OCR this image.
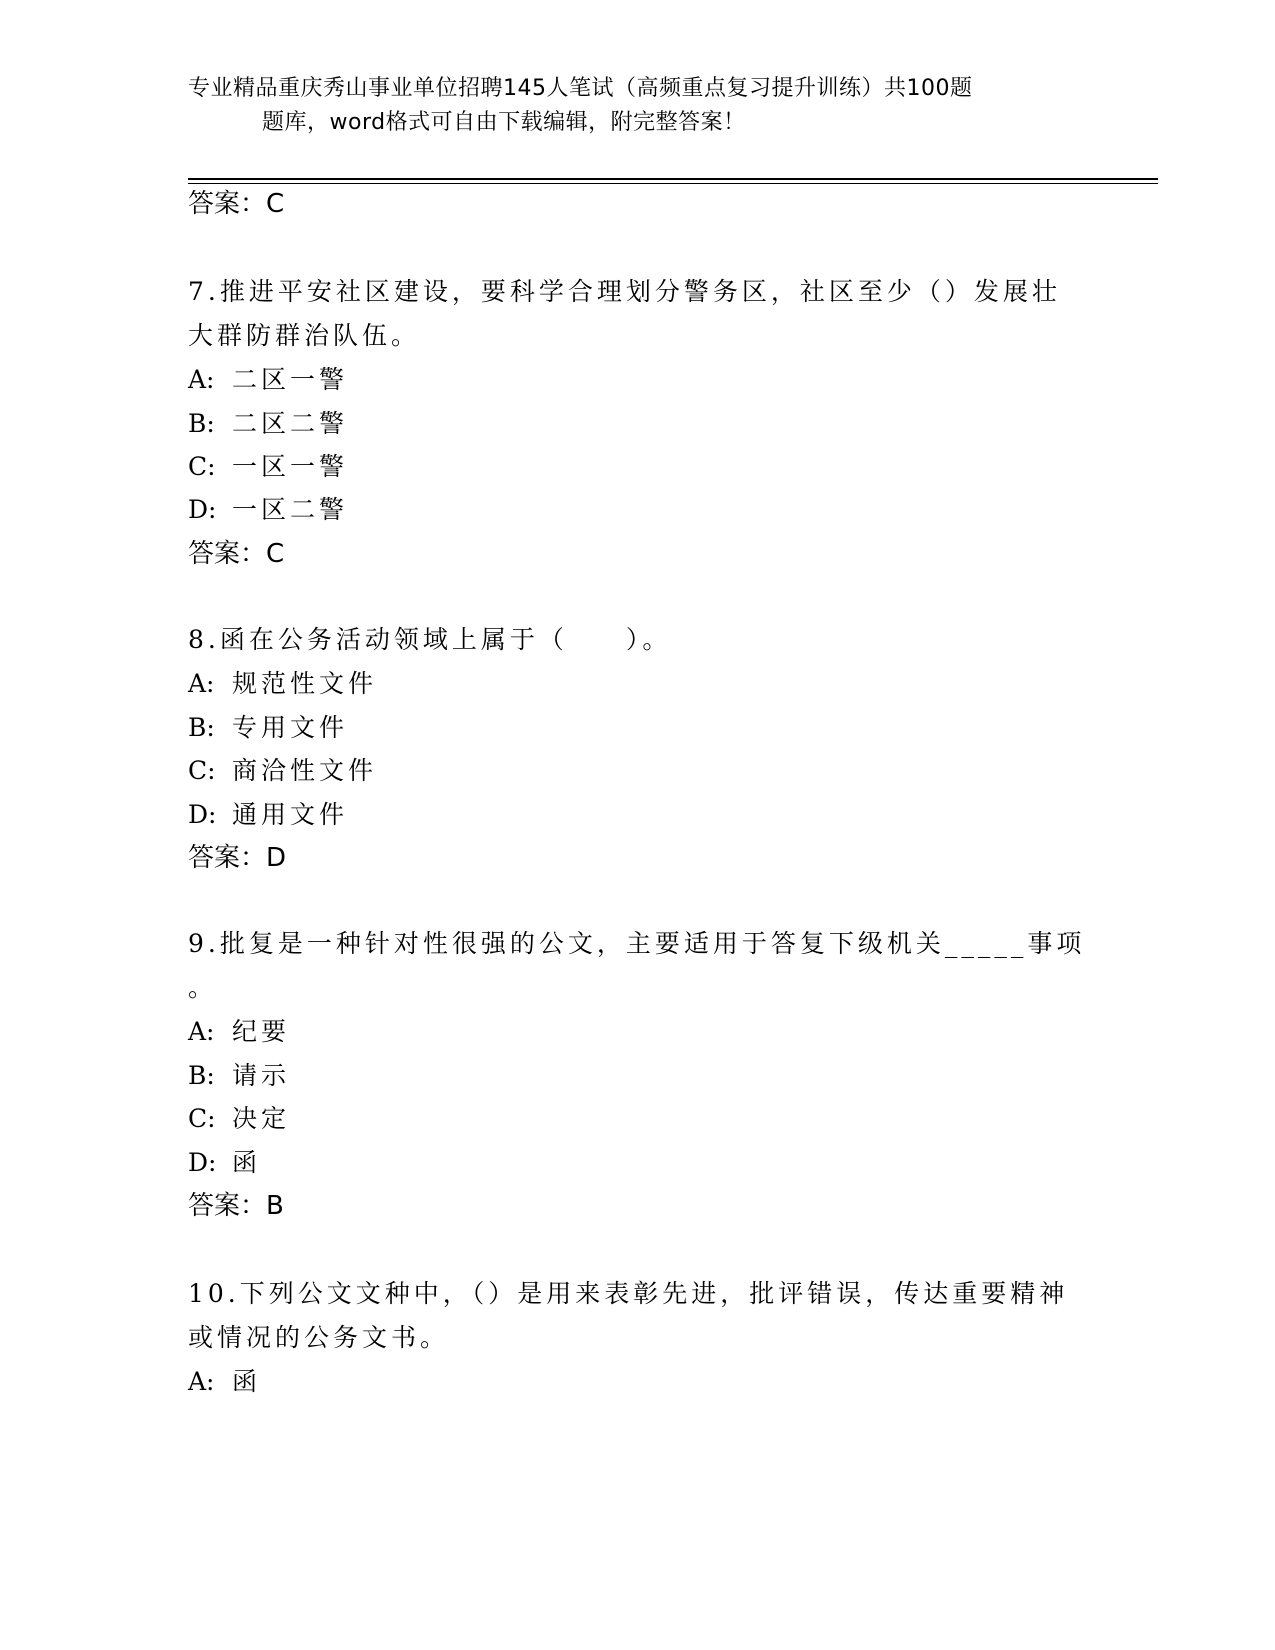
专业精品重庆秀山事业单位招聘145人笔试（高频重点复习提升训练）共100题
题库，word格式可自由下载编辑，附完整答案！
答案：C
7.推进平安社区建设，要科学合理划分警务区，社区至少（）发展壮
大群防群治队伍。
A: 二区一警
B: 二区二警
C: 一区一警
D: 一区二警
答案：C
8.函在公务活动领域上属于（　　）。
A: 规范性文件
B: 专用文件
C: 商洽性文件
D: 通用文件
答案：D
9.批复是一种针对性很强的公文，主要适用于答复下级机关_____事项
。
A: 纪要
B: 请示
C: 决定
D: 函
答案：B
10.下列公文文种中，（）是用来表彰先进，批评错误，传达重要精神
或情况的公务文书。
A: 函
